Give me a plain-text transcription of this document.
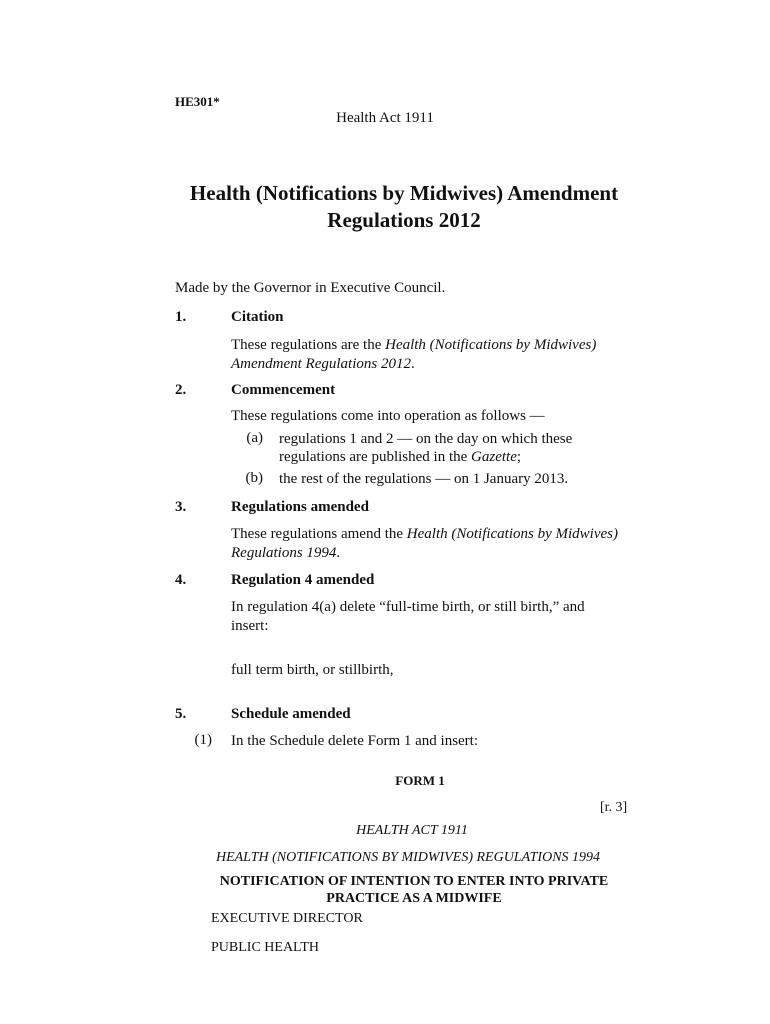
HE301*
Health Act 1911
Health (Notifications by Midwives) Amendment
Regulations 2012
Made by the Governor in Executive Council.
1.	Citation
These regulations are the Health (Notifications by Midwives)
Amendment Regulations 2012.
2.	Commencement
These regulations come into operation as follows —
(a) regulations 1 and 2 — on the day on which these
regulations are published in the Gazette;
(b) the rest of the regulations — on 1 January 2013.
3.	Regulations amended
These regulations amend the Health (Notifications by Midwives)
Regulations 1994.
4.	Regulation 4 amended
In regulation 4(a) delete “full-time birth, or still birth,” and
insert:
full term birth, or stillbirth,
5.	Schedule amended
(1) In the Schedule delete Form 1 and insert:
FORM 1
[r. 3]
HEALTH ACT 1911
HEALTH (NOTIFICATIONS BY MIDWIVES) REGULATIONS 1994
NOTIFICATION OF INTENTION TO ENTER INTO PRIVATE
PRACTICE AS A MIDWIFE
EXECUTIVE DIRECTOR
PUBLIC HEALTH
